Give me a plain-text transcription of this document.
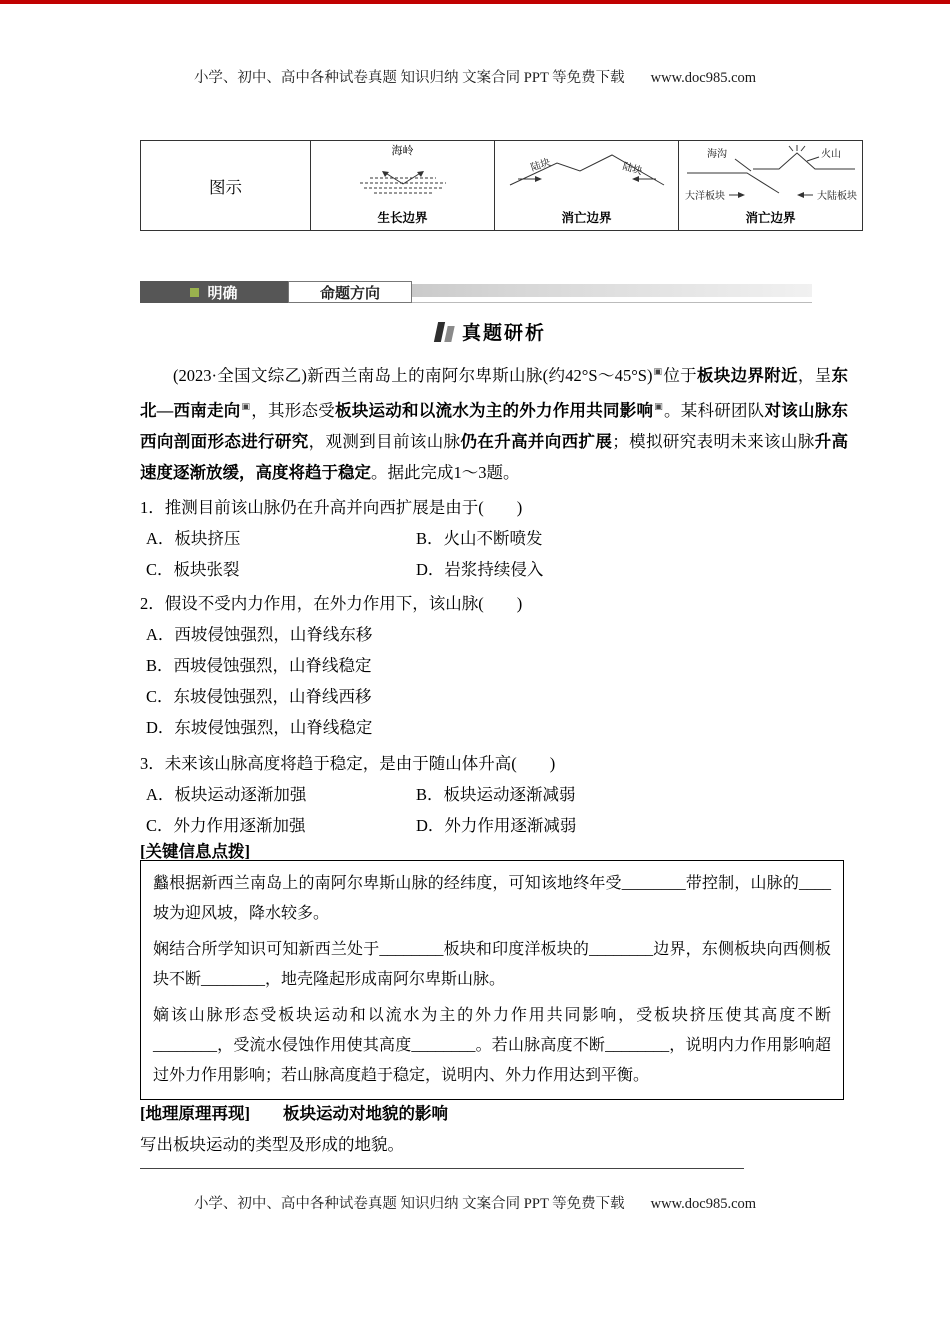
小学、初中、高中各种试卷真题 知识归纳 文案合同 PPT 等免费下载 www.doc985.com
图示	
海岭
生长边界

陆块	陆块
消亡边界

海沟	火山
大洋板块	大陆板块
消亡边界
明确	命题方向
真题研析
(2023·全国文综乙)新西兰南岛上的南阿尔卑斯山脉(约42°S～45°S)▣位于板块边界附近，呈东北—西南走向▣，其形态受板块运动和以流水为主的外力作用共同影响▣。某科研团队对该山脉东西向剖面形态进行研究，观测到目前该山脉仍在升高并向西扩展；模拟研究表明未来该山脉升高速度逐渐放缓，高度将趋于稳定。据此完成1～3题。
1．推测目前该山脉仍在升高并向西扩展是由于(　　)
A．板块挤压	B．火山不断喷发
C．板块张裂	D．岩浆持续侵入
2．假设不受内力作用，在外力作用下，该山脉(　　)
A．西坡侵蚀强烈，山脊线东移
B．西坡侵蚀强烈，山脊线稳定
C．东坡侵蚀强烈，山脊线西移
D．东坡侵蚀强烈，山脊线稳定
3．未来该山脉高度将趋于稳定，是由于随山体升高(　　)
A．板块运动逐渐加强	B．板块运动逐渐减弱
C．外力作用逐渐加强	D．外力作用逐渐减弱
[关键信息点拨]

蠽根据新西兰南岛上的南阿尔卑斯山脉的经纬度，可知该地终年受________带控制，山脉的____坡为迎风坡，降水较多。

娴结合所学知识可知新西兰处于________板块和印度洋板块的________边界，东侧板块向西侧板块不断________，地壳隆起形成南阿尔卑斯山脉。

嫡该山脉形态受板块运动和以流水为主的外力作用共同影响，受板块挤压使其高度不断________，受流水侵蚀作用使其高度________。若山脉高度不断________，说明内力作用影响超过外力作用影响；若山脉高度趋于稳定，说明内、外力作用达到平衡。

[地理原理再现] 板块运动对地貌的影响
写出板块运动的类型及形成的地貌。
小学、初中、高中各种试卷真题 知识归纳 文案合同 PPT 等免费下载 www.doc985.com
